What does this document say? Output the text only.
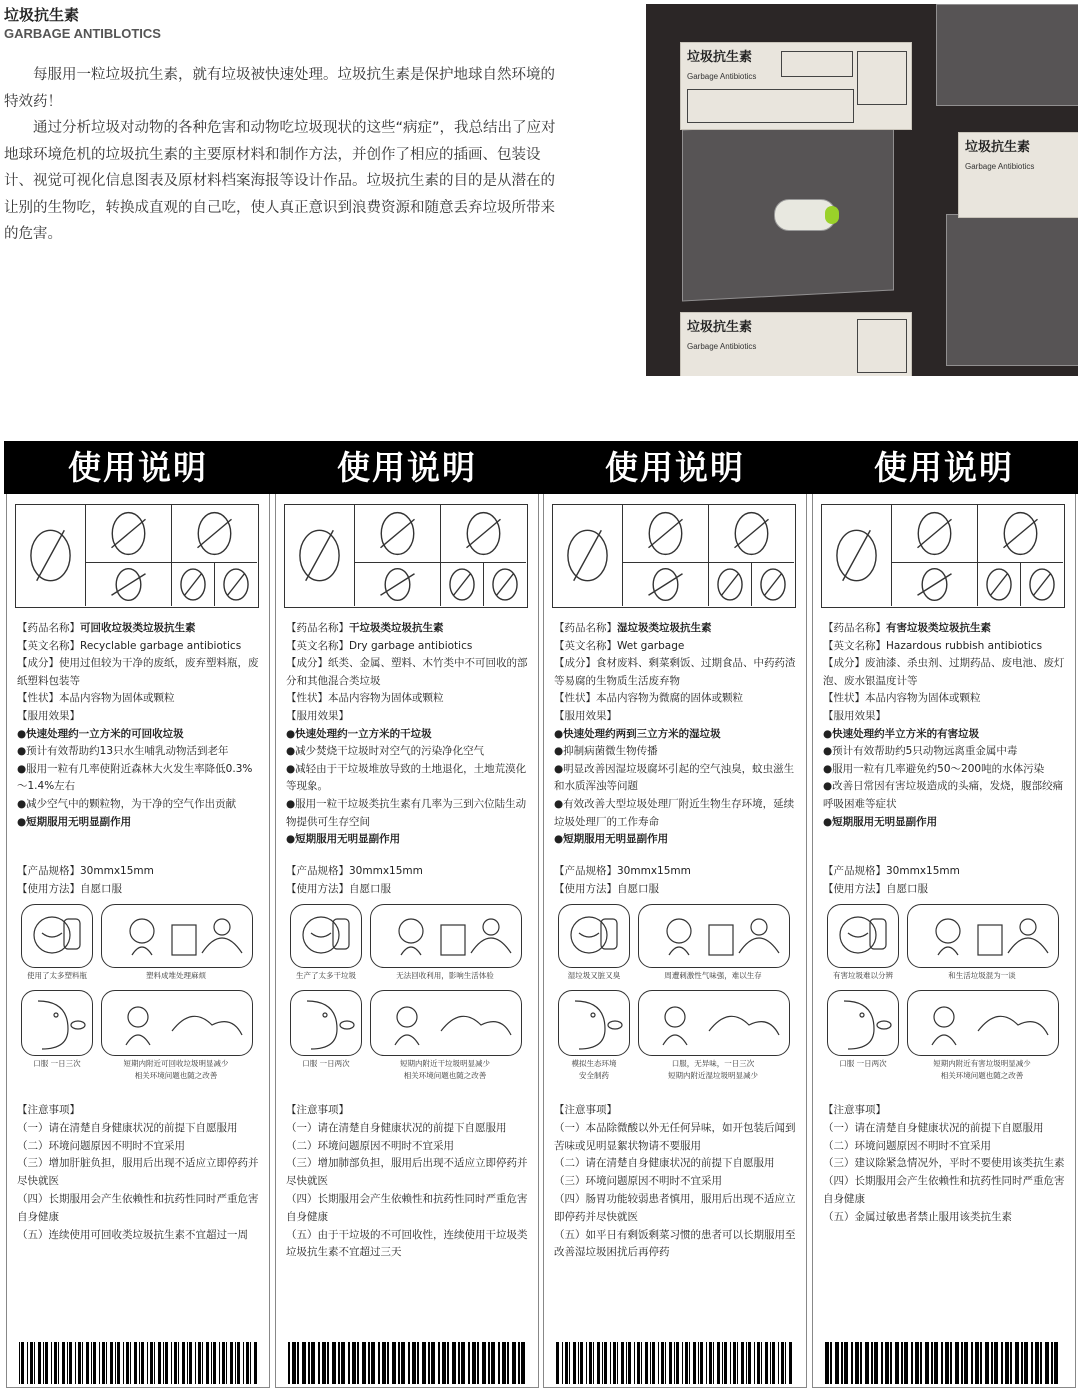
垃圾抗生素
GARBAGE ANTIBLOTICS

每服用一粒垃圾抗生素，就有垃圾被快速处理。垃圾抗生素是保护地球自然环境的特效药！

通过分析垃圾对动物的各种危害和动物吃垃圾现状的这些“病症”，我总结出了应对地球环境危机的垃圾抗生素的主要原材料和制作方法，并创作了相应的插画、包装设计、视觉可视化信息图表及原材料档案海报等设计作品。垃圾抗生素的目的是从潜在的让别的生物吃，转换成直观的自己吃，使人真正意识到浪费资源和随意丢弃垃圾所带来的危害。

垃圾抗生素
Garbage Antibiotics
垃圾抗生素
Garbage Antibiotics
垃圾抗生素
Garbage Antibiotics
使用说明
【药品名称】可回收垃圾类垃圾抗生素
【英文名称】Recyclable garbage antibiotics
【成分】使用过但较为干净的废纸，废弃塑料瓶，废纸塑料包装等
【性状】本品内容物为固体或颗粒
【服用效果】
●快速处理约一立方米的可回收垃圾
●预计有效帮助约13只水生哺乳动物活到老年
●服用一粒有几率使附近森林大火发生率降低0.3%～1.4%左右
●减少空气中的颗粒物，为干净的空气作出贡献
●短期服用无明显副作用
【产品规格】30mmx15mm
【使用方法】自愿口服
使用了太多塑料瓶	塑料成堆处理麻烦
口服 一日三次	短期内附近可回收垃圾明显减少
相关环境问题也随之改善
【注意事项】
（一）请在清楚自身健康状况的前提下自愿服用
（二）环境问题原因不明时不宜采用
（三）增加肝脏负担，服用后出现不适应立即停药并尽快就医
（四）长期服用会产生依赖性和抗药性同时严重危害自身健康
（五）连续使用可回收类垃圾抗生素不宜超过一周
使用说明
【药品名称】干垃圾类垃圾抗生素
【英文名称】Dry garbage antibiotics
【成分】纸类、金属、塑料、木竹类中不可回收的部分和其他混合类垃圾
【性状】本品内容物为固体或颗粒
【服用效果】
●快速处理约一立方米的干垃圾
●减少焚烧干垃圾时对空气的污染净化空气
●减轻由于干垃圾堆放导致的土地退化，土地荒漠化等现象。
●服用一粒干垃圾类抗生素有几率为三到六位陆生动物提供可生存空间
●短期服用无明显副作用
【产品规格】30mmx15mm
【使用方法】自愿口服
生产了太多干垃圾	无法回收利用，影响生活体验
口服 一日两次	短期内附近干垃圾明显减少
相关环境问题也随之改善
【注意事项】
（一）请在清楚自身健康状况的前提下自愿服用
（二）环境问题原因不明时不宜采用
（三）增加肺部负担，服用后出现不适应立即停药并尽快就医
（四）长期服用会产生依赖性和抗药性同时严重危害自身健康
（五）由于干垃圾的不可回收性，连续使用干垃圾类垃圾抗生素不宜超过三天
使用说明
【药品名称】湿垃圾类垃圾抗生素
【英文名称】Wet garbage
【成分】食材废料、剩菜剩饭、过期食品、中药药渣等易腐的生物质生活废弃物
【性状】本品内容物为微腐的固体或颗粒
【服用效果】
●快速处理约两到三立方米的湿垃圾
●抑制病菌微生物传播
●明显改善因湿垃圾腐坏引起的空气浊臭，蚊虫滋生和水质浑浊等问题
●有效改善大型垃圾处理厂附近生物生存环境，延续垃圾处理厂的工作寿命
●短期服用无明显副作用
【产品规格】30mmx15mm
【使用方法】自愿口服
湿垃圾又脏又臭	周遭刺激性气味强，难以生存
模拟生态环境
安全制药
口服，无异味，一日三次
短期内附近湿垃圾明显减少
【注意事项】
（一）本品除微酸以外无任何异味，如开包装后闻到苦味或见明显絮状物请不要服用
（二）请在清楚自身健康状况的前提下自愿服用
（三）环境问题原因不明时不宜采用
（四）肠胃功能较弱患者慎用，服用后出现不适应立即停药并尽快就医
（五）如平日有剩饭剩菜习惯的患者可以长期服用至改善湿垃圾困扰后再停药
使用说明
【药品名称】有害垃圾类垃圾抗生素
【英文名称】Hazardous rubbish antibiotics
【成分】废油漆、杀虫剂、过期药品、废电池、废灯泡、废水银温度计等
【性状】本品内容物为固体或颗粒
【服用效果】
●快速处理约半立方米的有害垃圾
●预计有效帮助约5只动物远离重金属中毒
●服用一粒有几率避免约50～200吨的水体污染
●改善日常因有害垃圾造成的头痛，发烧，腹部绞痛呼吸困难等症状
●短期服用无明显副作用
【产品规格】30mmx15mm
【使用方法】自愿口服
有害垃圾难以分辨	和生活垃圾混为一谈
口服 一日两次	短期内附近有害垃圾明显减少
相关环境问题也随之改善
【注意事项】
（一）请在清楚自身健康状况的前提下自愿服用
（二）环境问题原因不明时不宜采用
（三）建议除紧急情况外，平时不要使用该类抗生素
（四）长期服用会产生依赖性和抗药性同时严重危害自身健康
（五）金属过敏患者禁止服用该类抗生素
